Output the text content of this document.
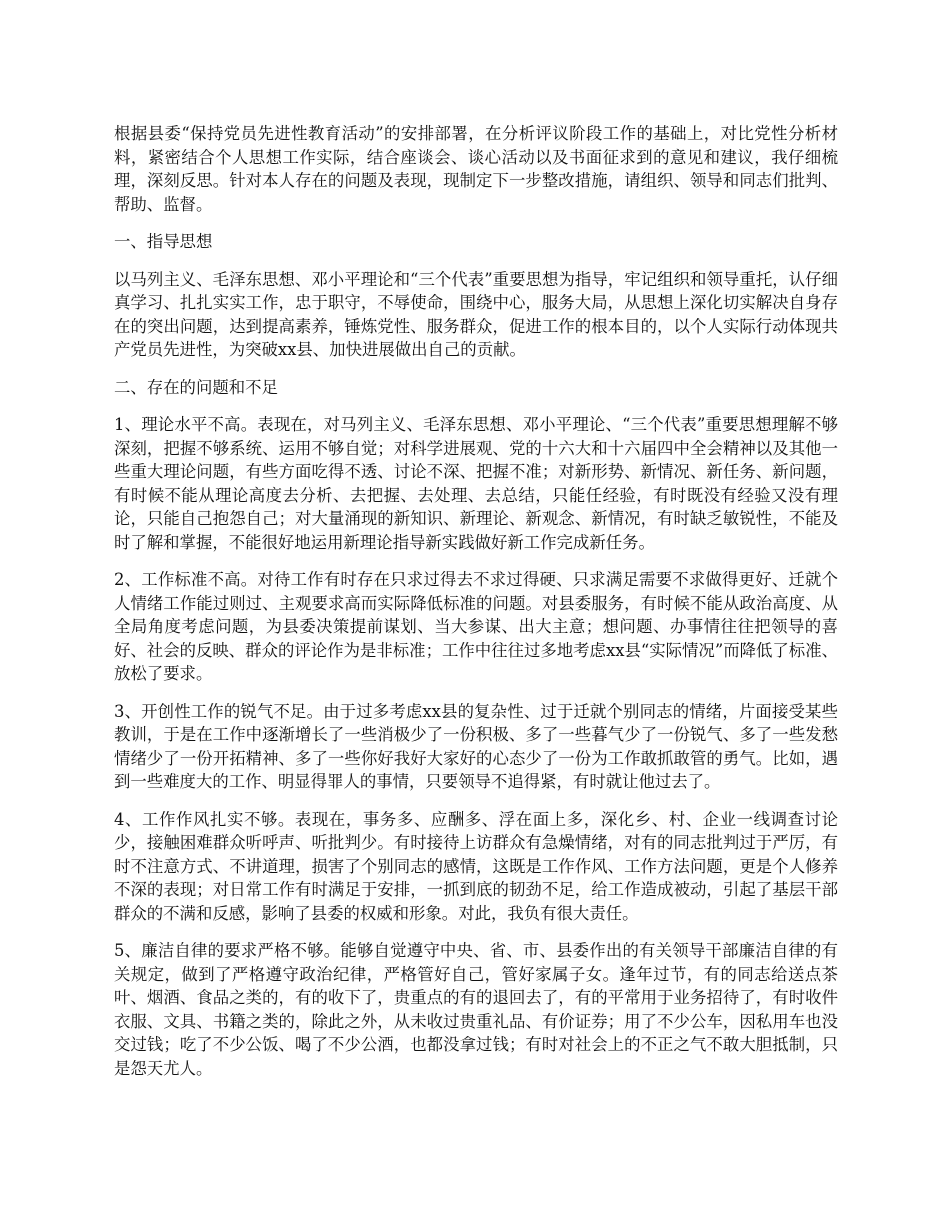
根据县委“保持党员先进性教育活动”的安排部署，在分析评议阶段工作的基础上，对比党性分析材料，紧密结合个人思想工作实际，结合座谈会、谈心活动以及书面征求到的意见和建议，我仔细梳理，深刻反思。针对本人存在的问题及表现，现制定下一步整改措施，请组织、领导和同志们批判、帮助、监督。

一、指导思想

以马列主义、毛泽东思想、邓小平理论和“三个代表”重要思想为指导，牢记组织和领导重托，认仔细真学习、扎扎实实工作，忠于职守，不辱使命，围绕中心，服务大局，从思想上深化切实解决自身存在的突出问题，达到提高素养，锤炼党性、服务群众，促进工作的根本目的，以个人实际行动体现共产党员先进性，为突破xx县、加快进展做出自己的贡献。

二、存在的问题和不足

1、理论水平不高。表现在，对马列主义、毛泽东思想、邓小平理论、“三个代表”重要思想理解不够深刻，把握不够系统、运用不够自觉；对科学进展观、党的十六大和十六届四中全会精神以及其他一些重大理论问题，有些方面吃得不透、讨论不深、把握不准；对新形势、新情况、新任务、新问题，有时候不能从理论高度去分析、去把握、去处理、去总结，只能任经验，有时既没有经验又没有理论，只能自己抱怨自己；对大量涌现的新知识、新理论、新观念、新情况，有时缺乏敏锐性，不能及时了解和掌握，不能很好地运用新理论指导新实践做好新工作完成新任务。

2、工作标准不高。对待工作有时存在只求过得去不求过得硬、只求满足需要不求做得更好、迁就个人情绪工作能过则过、主观要求高而实际降低标准的问题。对县委服务，有时候不能从政治高度、从全局角度考虑问题，为县委决策提前谋划、当大参谋、出大主意；想问题、办事情往往把领导的喜好、社会的反映、群众的评论作为是非标准；工作中往往过多地考虑xx县“实际情况”而降低了标准、放松了要求。

3、开创性工作的锐气不足。由于过多考虑xx县的复杂性、过于迁就个别同志的情绪，片面接受某些教训，于是在工作中逐渐增长了一些消极少了一份积极、多了一些暮气少了一份锐气、多了一些发愁情绪少了一份开拓精神、多了一些你好我好大家好的心态少了一份为工作敢抓敢管的勇气。比如，遇到一些难度大的工作、明显得罪人的事情，只要领导不追得紧，有时就让他过去了。

4、工作作风扎实不够。表现在，事务多、应酬多、浮在面上多，深化乡、村、企业一线调查讨论少，接触困难群众听呼声、听批判少。有时接待上访群众有急燥情绪，对有的同志批判过于严厉，有时不注意方式、不讲道理，损害了个别同志的感情，这既是工作作风、工作方法问题，更是个人修养不深的表现；对日常工作有时满足于安排，一抓到底的韧劲不足，给工作造成被动，引起了基层干部群众的不满和反感，影响了县委的权威和形象。对此，我负有很大责任。

5、廉洁自律的要求严格不够。能够自觉遵守中央、省、市、县委作出的有关领导干部廉洁自律的有关规定，做到了严格遵守政治纪律，严格管好自己，管好家属子女。逢年过节，有的同志给送点茶叶、烟酒、食品之类的，有的收下了，贵重点的有的退回去了，有的平常用于业务招待了，有时收件衣服、文具、书籍之类的，除此之外，从未收过贵重礼品、有价证券；用了不少公车，因私用车也没交过钱；吃了不少公饭、喝了不少公酒，也都没拿过钱；有时对社会上的不正之气不敢大胆抵制，只是怨天尤人。
